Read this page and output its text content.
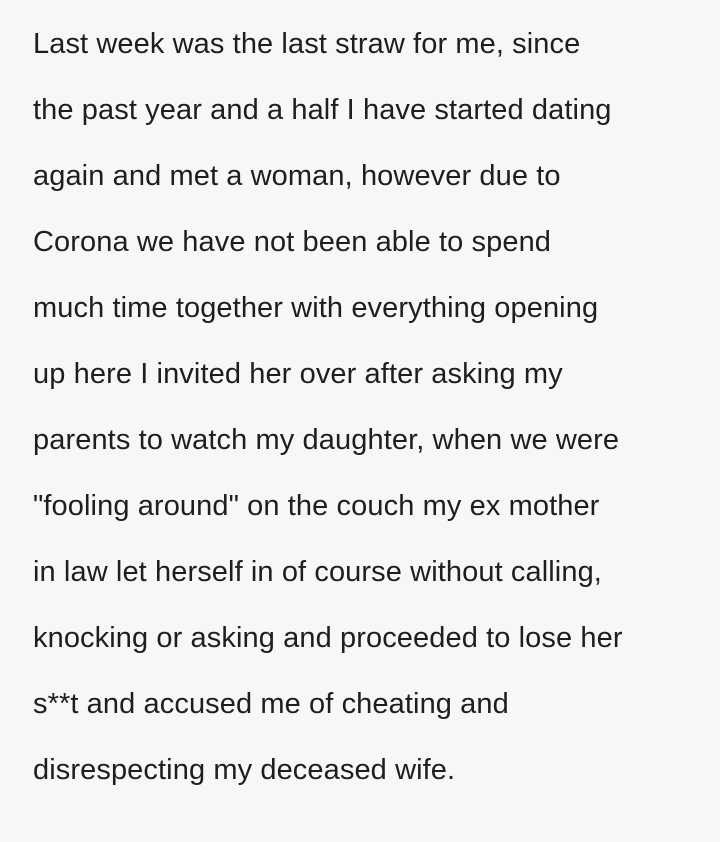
Last week was the last straw for me, since
the past year and a half I have started dating
again and met a woman, however due to
Corona we have not been able to spend
much time together with everything opening
up here I invited her over after asking my
parents to watch my daughter, when we were
"fooling around" on the couch my ex mother
in law let herself in of course without calling,
knocking or asking and proceeded to lose her
s**t and accused me of cheating and
disrespecting my deceased wife.
